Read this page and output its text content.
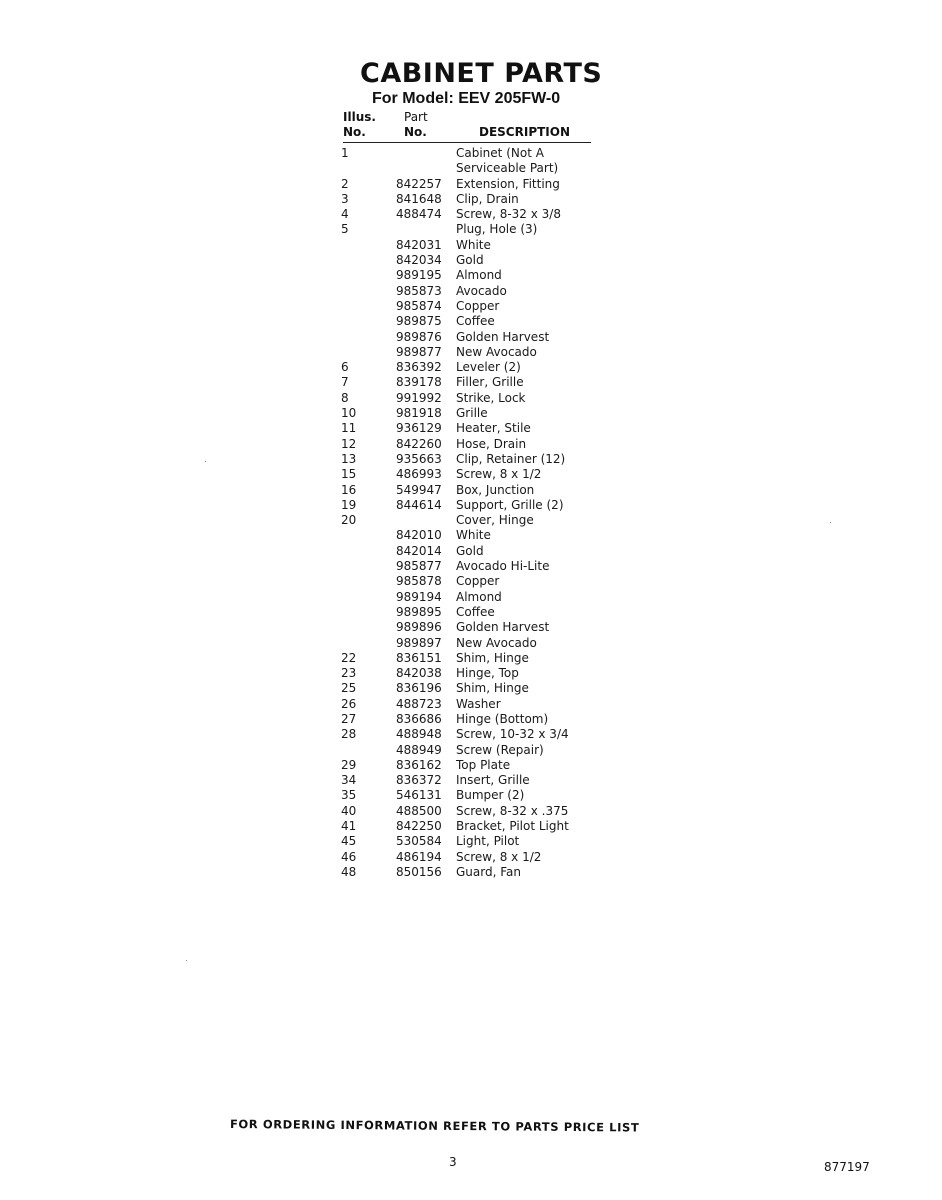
CABINET PARTS
For Model: EEV 205FW-0
Illus.
No.
Part
No.	DESCRIPTION
1	Cabinet (Not A
Serviceable Part)
2	842257 Extension, Fitting
3	841648 Clip, Drain
4	488474 Screw, 8-32 x 3/8
5	Plug, Hole (3)
842031 White
842034 Gold
989195 Almond
985873 Avocado
985874 Copper
989875 Coffee
989876 Golden Harvest
989877 New Avocado
6	836392 Leveler (2)
7	839178 Filler, Grille
8	991992 Strike, Lock
10	981918 Grille
11	936129 Heater, Stile
12	842260 Hose, Drain
13	935663 Clip, Retainer (12)
15	486993 Screw, 8 x 1/2
16	549947 Box, Junction
19	844614 Support, Grille (2)
20	Cover, Hinge
842010 White
842014 Gold
985877 Avocado Hi-Lite
985878 Copper
989194 Almond
989895 Coffee
989896 Golden Harvest
989897 New Avocado
22	836151 Shim, Hinge
23	842038 Hinge, Top
25	836196 Shim, Hinge
26	488723 Washer
27	836686 Hinge (Bottom)
28	488948 Screw, 10-32 x 3/4
488949 Screw (Repair)
29	836162 Top Plate
34	836372 Insert, Grille
35	546131 Bumper (2)
40	488500 Screw, 8-32 x .375
41	842250 Bracket, Pilot Light
45	530584 Light, Pilot
46	486194 Screw, 8 x 1/2
48	850156 Guard, Fan
FOR ORDERING INFORMATION REFER TO PARTS PRICE LIST
3	877197
